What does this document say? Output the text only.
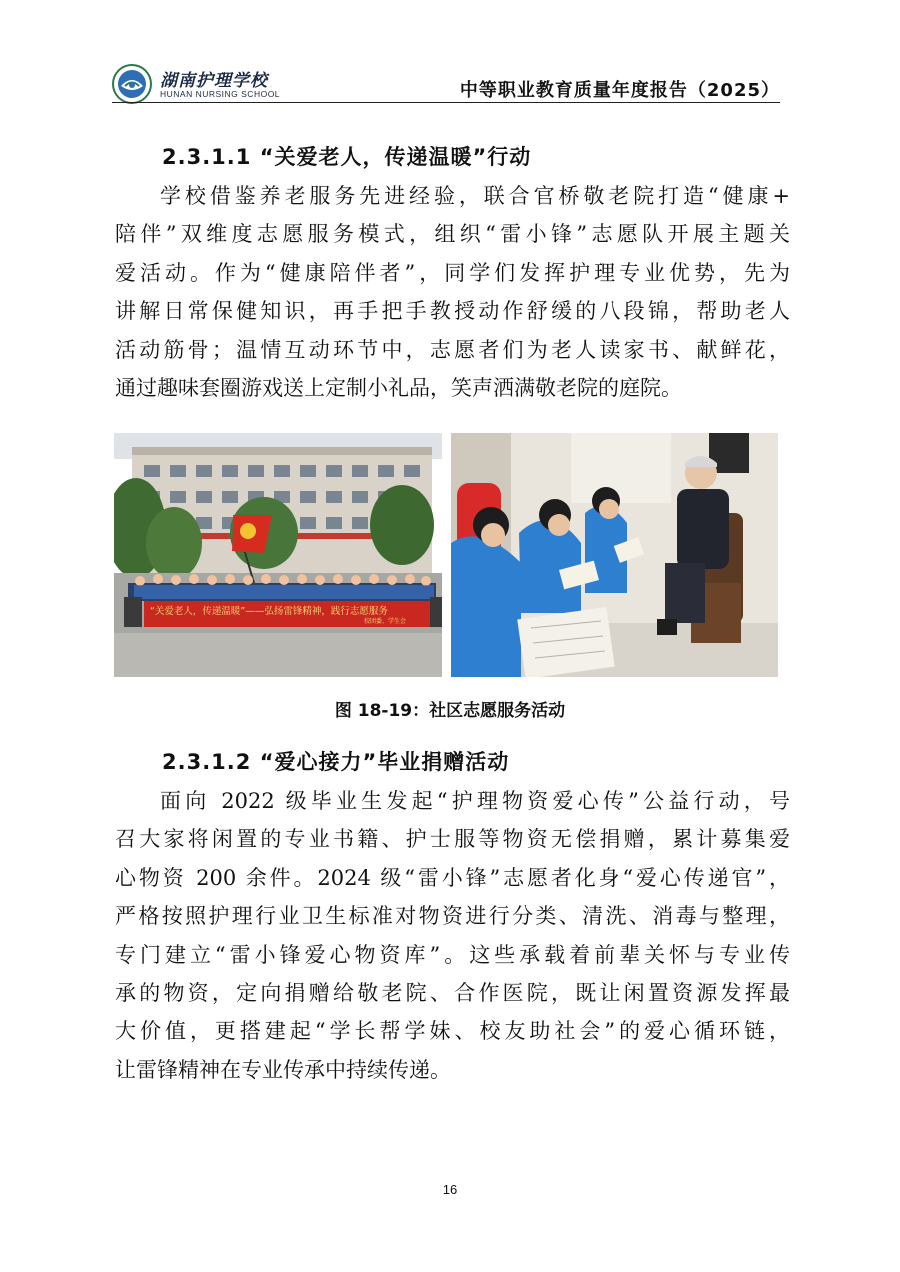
湖南护理学校
HUNAN NURSING SCHOOL	中等职业教育质量年度报告（2025）
2.3.1.1 “关爱老人，传递温暖”行动
学校借鉴养老服务先进经验，联合官桥敬老院打造“健康+
陪伴”双维度志愿服务模式，组织“雷小锋”志愿队开展主题关
爱活动。作为“健康陪伴者”，同学们发挥护理专业优势，先为
讲解日常保健知识，再手把手教授动作舒缓的八段锦，帮助老人
活动筋骨；温情互动环节中，志愿者们为老人读家书、献鲜花，
通过趣味套圈游戏送上定制小礼品，笑声洒满敬老院的庭院。
“关爱老人，传递温暖”——弘扬雷锋精神，践行志愿服务
校团委、学生会
图 18-19：社区志愿服务活动
2.3.1.2 “爱心接力”毕业捐赠活动
面向 2022 级毕业生发起“护理物资爱心传”公益行动，号
召大家将闲置的专业书籍、护士服等物资无偿捐赠，累计募集爱
心物资 200 余件。2024 级“雷小锋”志愿者化身“爱心传递官”，
严格按照护理行业卫生标准对物资进行分类、清洗、消毒与整理，
专门建立“雷小锋爱心物资库”。这些承载着前辈关怀与专业传
承的物资，定向捐赠给敬老院、合作医院，既让闲置资源发挥最
大价值，更搭建起“学长帮学妹、校友助社会”的爱心循环链，
让雷锋精神在专业传承中持续传递。
16
